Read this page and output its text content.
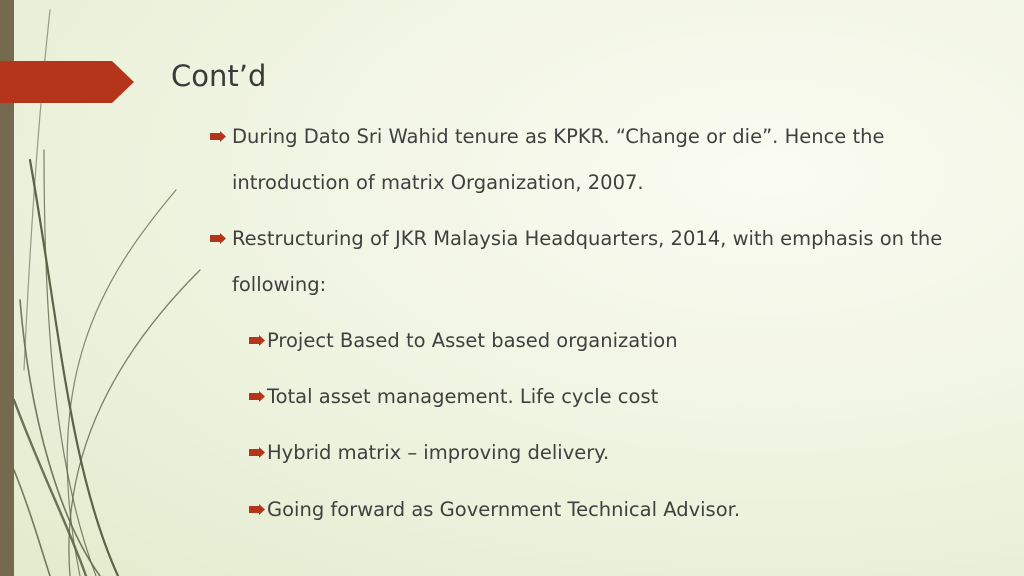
Cont’d
During Dato Sri Wahid tenure as KPKR. “Change or die”. Hence the introduction of matrix Organization, 2007.
Restructuring of JKR Malaysia Headquarters, 2014, with emphasis on the following:
Project Based to Asset based organization
Total asset management. Life cycle cost
Hybrid matrix – improving delivery.
Going forward as Government Technical Advisor.
